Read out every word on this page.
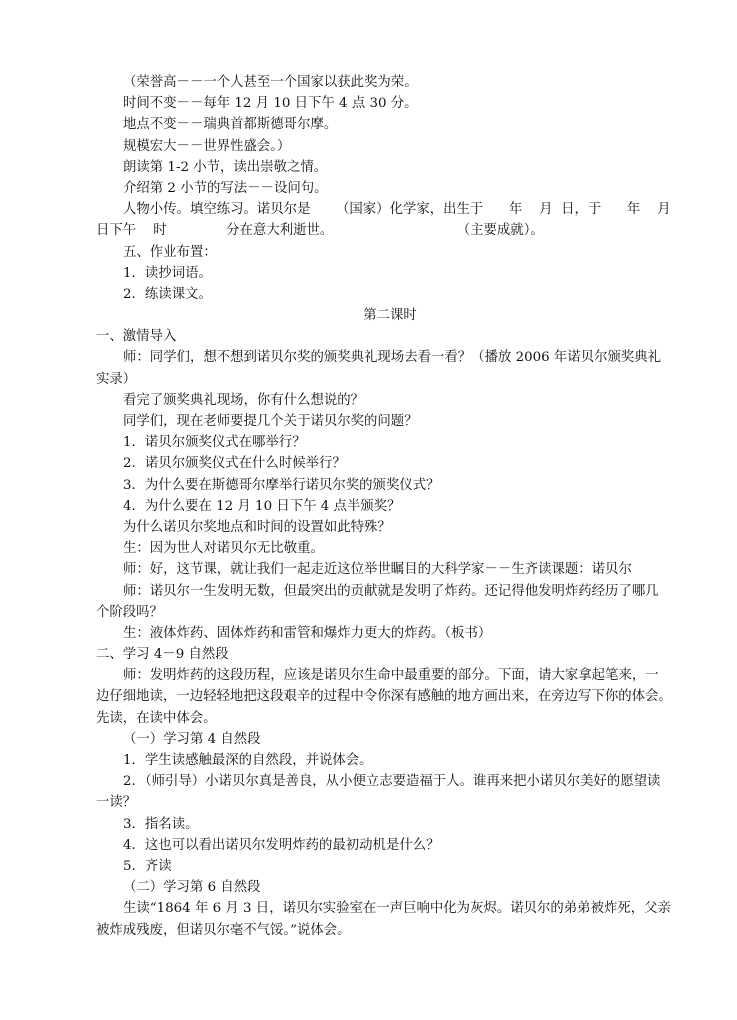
（荣誉高－－一个人甚至一个国家以获此奖为荣。
时间不变－－每年 12 月 10 日下午 4 点 30 分。
地点不变－－瑞典首都斯德哥尔摩。
规模宏大－－世界性盛会。）
朗读第 1-2 小节，读出崇敬之情。
介绍第 2 小节的写法－－设问句。
人物小传。填空练习。诺贝尔是      （国家）化学家，出生于      年    月  日，于      年    月
日下午    时              分在意大利逝世。                             （主要成就）。
五、作业布置：
1．读抄词语。
2．练读课文。
第二课时
一、激情导入
师：同学们，想不想到诺贝尔奖的颁奖典礼现场去看一看？（播放 2006 年诺贝尔颁奖典礼
实录）
看完了颁奖典礼现场，你有什么想说的？
同学们，现在老师要提几个关于诺贝尔奖的问题？
1．诺贝尔颁奖仪式在哪举行？
2．诺贝尔颁奖仪式在什么时候举行？
3．为什么要在斯德哥尔摩举行诺贝尔奖的颁奖仪式？
4．为什么要在 12 月 10 日下午 4 点半颁奖？
为什么诺贝尔奖地点和时间的设置如此特殊？
生：因为世人对诺贝尔无比敬重。
师：好，这节课，就让我们一起走近这位举世瞩目的大科学家－－生齐读课题：诺贝尔
师：诺贝尔一生发明无数，但最突出的贡献就是发明了炸药。还记得他发明炸药经历了哪几
个阶段吗？
生：液体炸药、固体炸药和雷管和爆炸力更大的炸药。（板书）
二、学习 4－9 自然段
师：发明炸药的这段历程，应该是诺贝尔生命中最重要的部分。下面，请大家拿起笔来，一
边仔细地读，一边轻轻地把这段艰辛的过程中令你深有感触的地方画出来，在旁边写下你的体会。
先读，在读中体会。
（一）学习第 4 自然段
1．学生读感触最深的自然段，并说体会。
2．（师引导）小诺贝尔真是善良，从小便立志要造福于人。谁再来把小诺贝尔美好的愿望读
一读？
3．指名读。
4．这也可以看出诺贝尔发明炸药的最初动机是什么？
5．齐读
（二）学习第 6 自然段
生读“1864 年 6 月 3 日，诺贝尔实验室在一声巨响中化为灰烬。诺贝尔的弟弟被炸死，父亲
被炸成残废，但诺贝尔毫不气馁。”说体会。
